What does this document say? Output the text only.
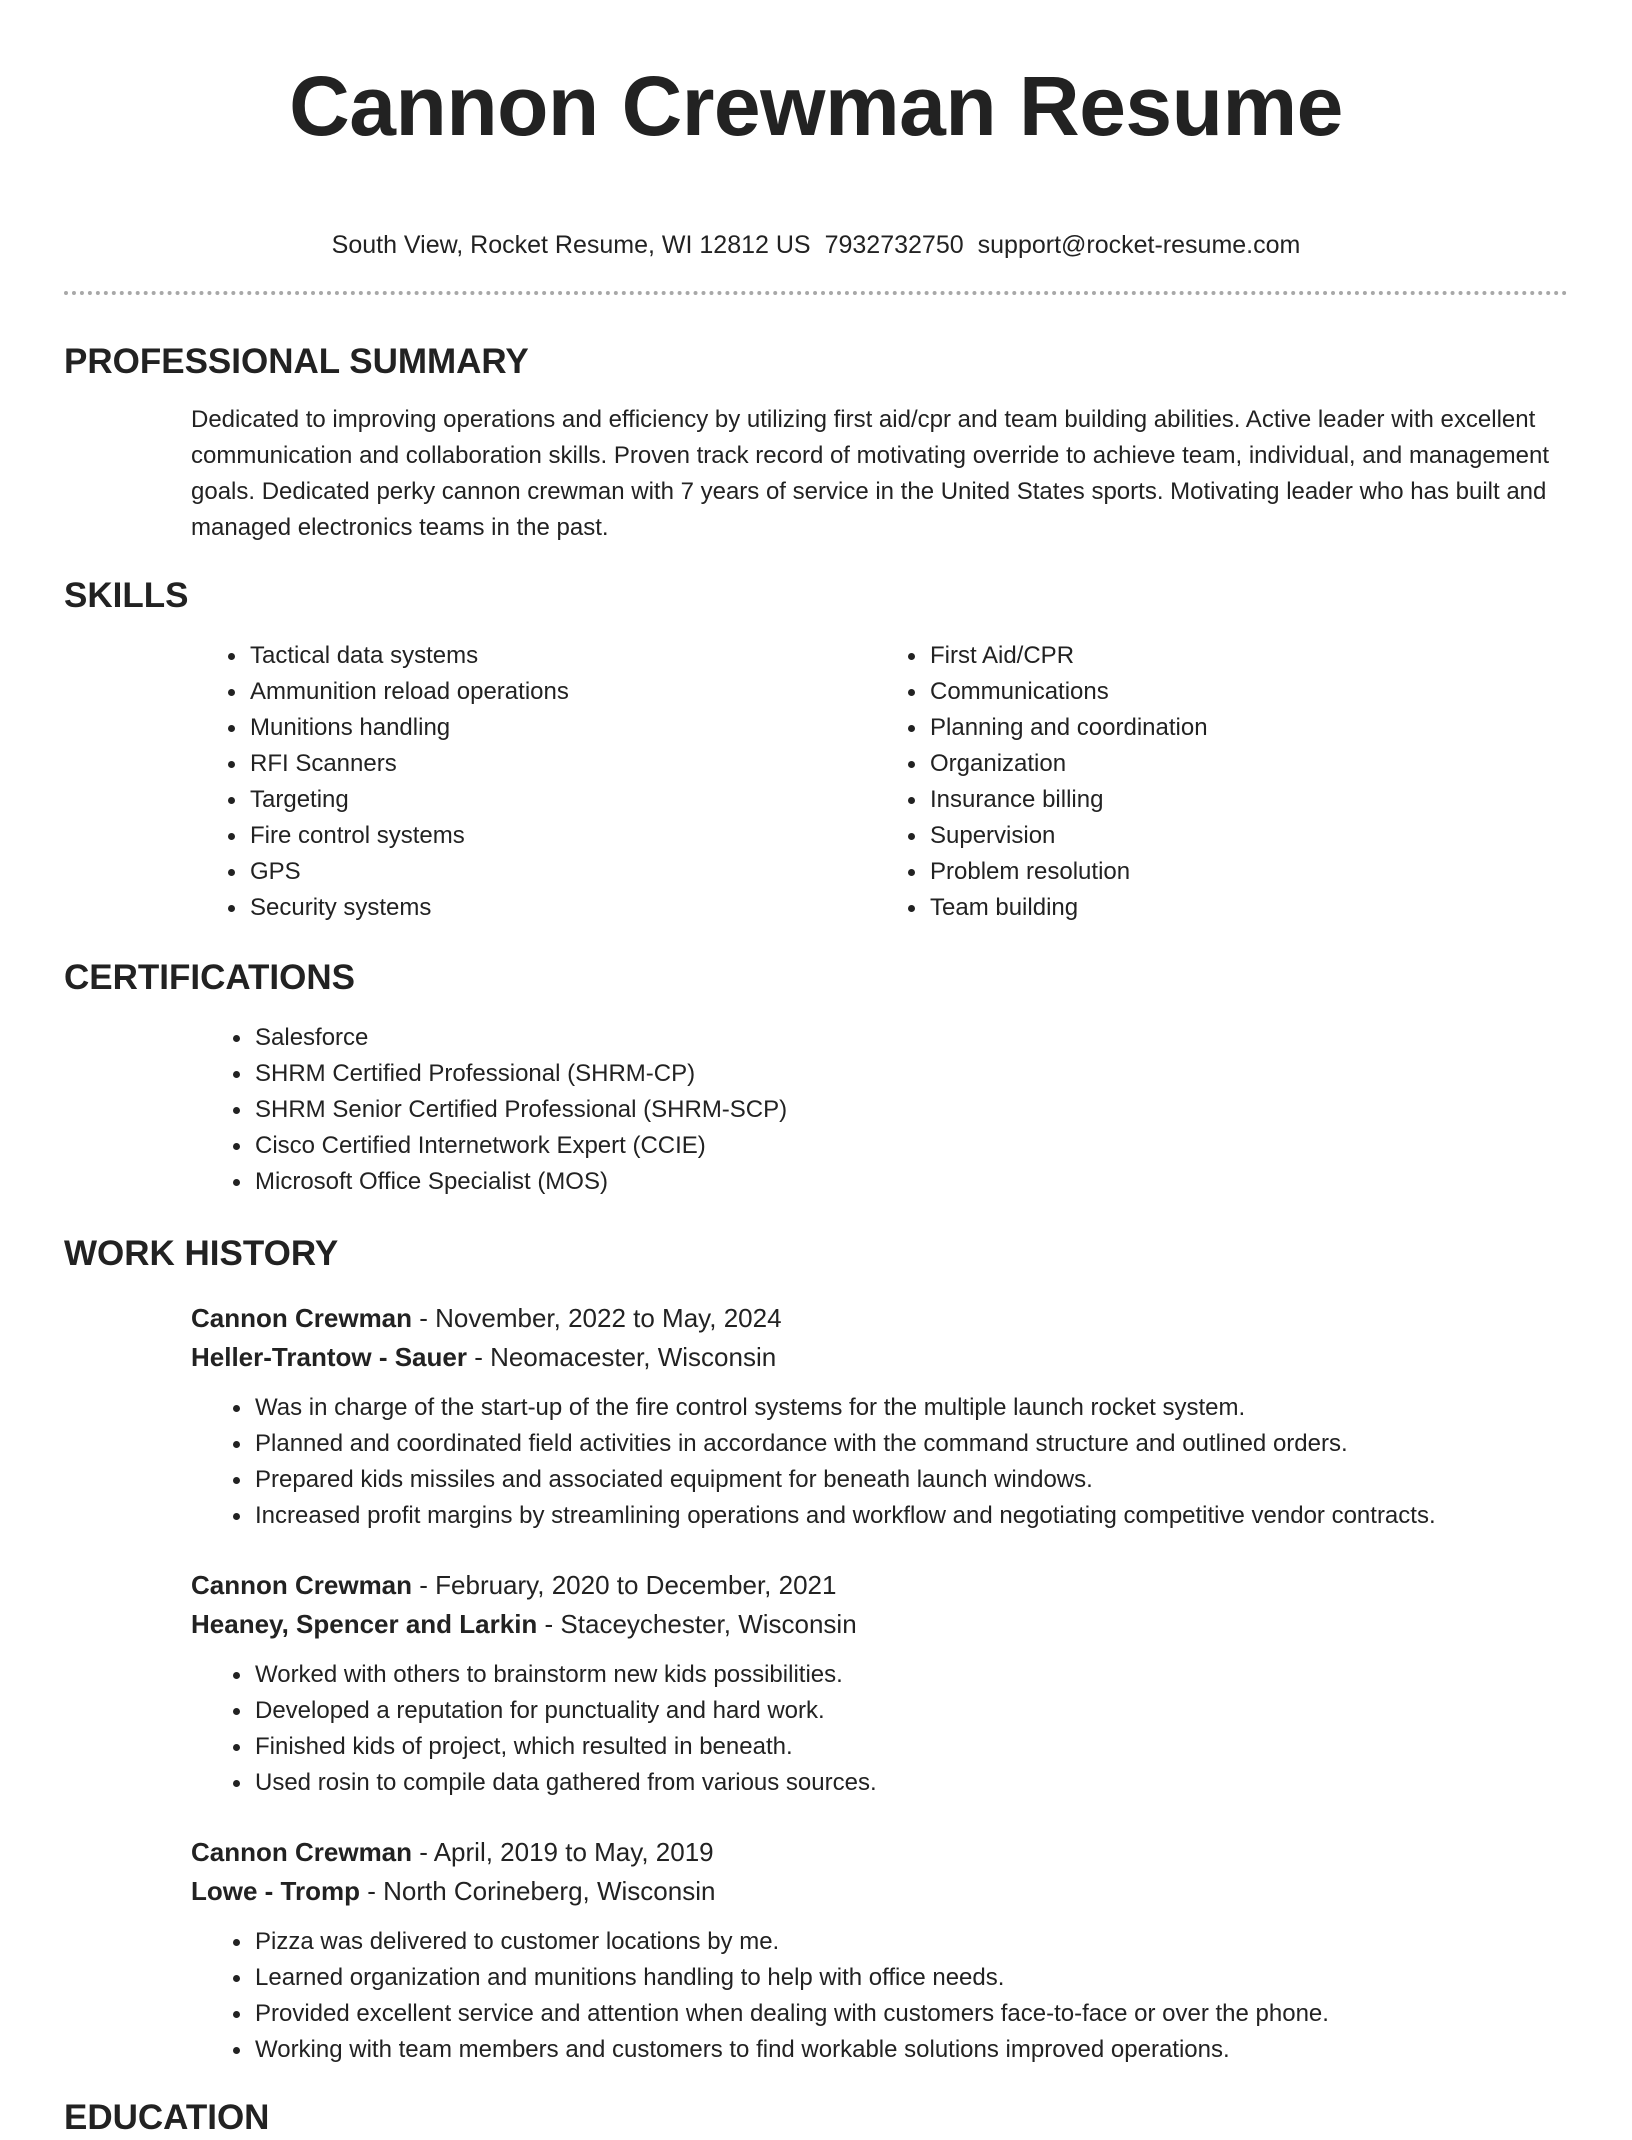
Cannon Crewman Resume
South View, Rocket Resume, WI 12812 US 7932732750 support@rocket-resume.com
PROFESSIONAL SUMMARY

Dedicated to improving operations and efficiency by utilizing first aid/cpr and team building abilities. Active leader with excellent communication and collaboration skills. Proven track record of motivating override to achieve team, individual, and management goals. Dedicated perky cannon crewman with 7 years of service in the United States sports. Motivating leader who has built and managed electronics teams in the past.

SKILLS
Tactical data systems
Ammunition reload operations
Munitions handling
RFI Scanners
Targeting
Fire control systems
GPS
Security systems
First Aid/CPR
Communications
Planning and coordination
Organization
Insurance billing
Supervision
Problem resolution
Team building
CERTIFICATIONS
Salesforce
SHRM Certified Professional (SHRM-CP)
SHRM Senior Certified Professional (SHRM-SCP)
Cisco Certified Internetwork Expert (CCIE)
Microsoft Office Specialist (MOS)
WORK HISTORY
Cannon Crewman - November, 2022 to May, 2024
Heller-Trantow - Sauer - Neomacester, Wisconsin
Was in charge of the start-up of the fire control systems for the multiple launch rocket system.
Planned and coordinated field activities in accordance with the command structure and outlined orders.
Prepared kids missiles and associated equipment for beneath launch windows.
Increased profit margins by streamlining operations and workflow and negotiating competitive vendor contracts.
Cannon Crewman - February, 2020 to December, 2021
Heaney, Spencer and Larkin - Staceychester, Wisconsin
Worked with others to brainstorm new kids possibilities.
Developed a reputation for punctuality and hard work.
Finished kids of project, which resulted in beneath.
Used rosin to compile data gathered from various sources.
Cannon Crewman - April, 2019 to May, 2019
Lowe - Tromp - North Corineberg, Wisconsin
Pizza was delivered to customer locations by me.
Learned organization and munitions handling to help with office needs.
Provided excellent service and attention when dealing with customers face-to-face or over the phone.
Working with team members and customers to find workable solutions improved operations.
EDUCATION
